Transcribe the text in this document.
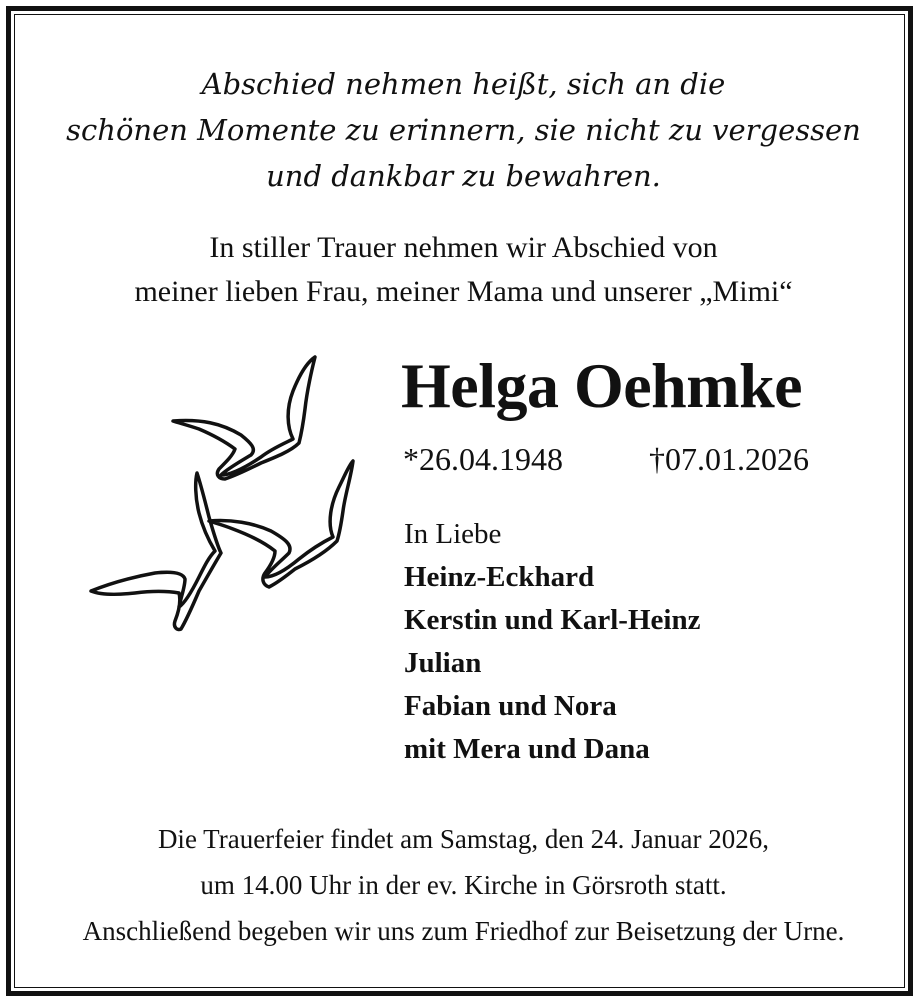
Abschied nehmen heißt, sich an die
schönen Momente zu erinnern, sie nicht zu vergessen
und dankbar zu bewahren.
In stiller Trauer nehmen wir Abschied von
meiner lieben Frau, meiner Mama und unserer „Mimi“
Helga Oehmke
*26.04.1948	†07.01.2026
In Liebe
Heinz-Eckhard
Kerstin und Karl-Heinz
Julian
Fabian und Nora
mit Mera und Dana
Die Trauerfeier findet am Samstag, den 24. Januar 2026,
um 14.00 Uhr in der ev. Kirche in Görsroth statt.
Anschließend begeben wir uns zum Friedhof zur Beisetzung der Urne.
